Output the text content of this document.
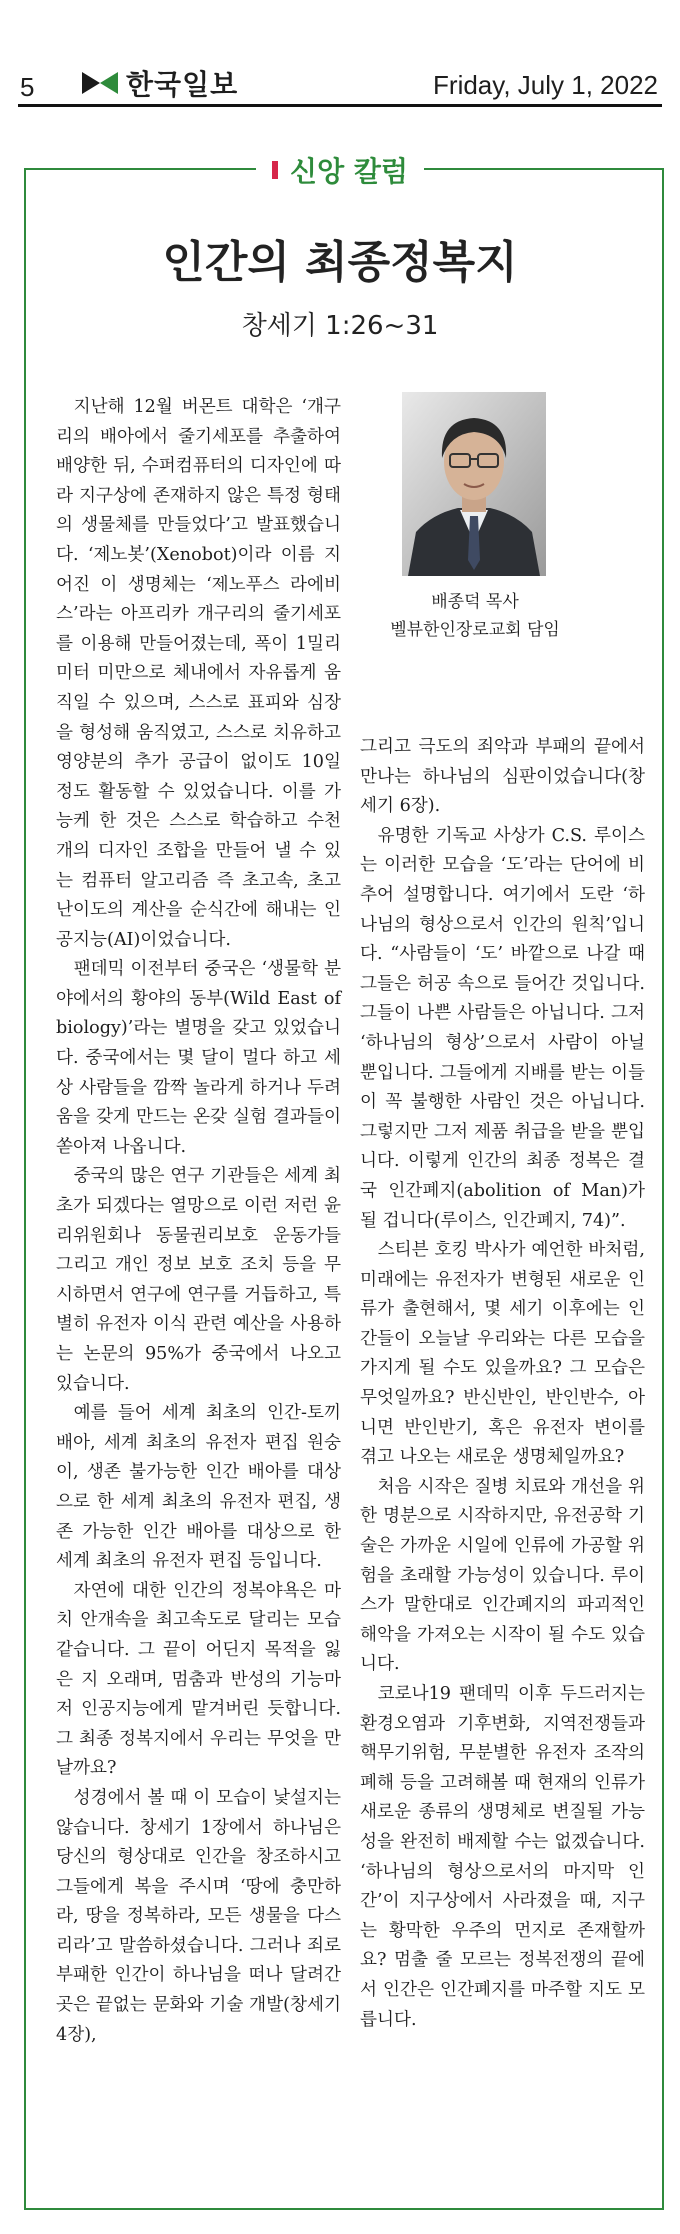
5	한국일보	Friday, July 1, 2022
신앙 칼럼
인간의 최종정복지
창세기 1:26~31
배종덕 목사
벨뷰한인장로교회 담임

지난해 12월 버몬트 대학은 ‘개구리의 배아에서 줄기세포를 추출하여 배양한 뒤, 수퍼컴퓨터의 디자인에 따라 지구상에 존재하지 않은 특정 형태의 생물체를 만들었다’고 발표했습니다. ‘제노봇’(Xenobot)이라 이름 지어진 이 생명체는 ‘제노푸스 라에비스’라는 아프리카 개구리의 줄기세포를 이용해 만들어졌는데, 폭이 1밀리미터 미만으로 체내에서 자유롭게 움직일 수 있으며, 스스로 표피와 심장을 형성해 움직였고, 스스로 치유하고 영양분의 추가 공급이 없이도 10일 정도 활동할 수 있었습니다. 이를 가능케 한 것은 스스로 학습하고 수천 개의 디자인 조합을 만들어 낼 수 있는 컴퓨터 알고리즘 즉 초고속, 초고난이도의 계산을 순식간에 해내는 인공지능(AI)이었습니다.

팬데믹 이전부터 중국은 ‘생물학 분야에서의 황야의 동부(Wild East of biology)’라는 별명을 갖고 있었습니다. 중국에서는 몇 달이 멀다 하고 세상 사람들을 깜짝 놀라게 하거나 두려움을 갖게 만드는 온갖 실험 결과들이 쏟아져 나옵니다.

중국의 많은 연구 기관들은 세계 최초가 되겠다는 열망으로 이런 저런 윤리위원회나 동물권리보호 운동가들 그리고 개인 정보 보호 조치 등을 무시하면서 연구에 연구를 거듭하고, 특별히 유전자 이식 관련 예산을 사용하는 논문의 95%가 중국에서 나오고 있습니다.

예를 들어 세계 최초의 인간-토끼 배아, 세계 최초의 유전자 편집 원숭이, 생존 불가능한 인간 배아를 대상으로 한 세계 최초의 유전자 편집, 생존 가능한 인간 배아를 대상으로 한 세계 최초의 유전자 편집 등입니다.

자연에 대한 인간의 정복야욕은 마치 안개속을 최고속도로 달리는 모습 같습니다. 그 끝이 어딘지 목적을 잃은 지 오래며, 멈춤과 반성의 기능마저 인공지능에게 맡겨버린 듯합니다. 그 최종 정복지에서 우리는 무엇을 만날까요?

성경에서 볼 때 이 모습이 낯설지는 않습니다. 창세기 1장에서 하나님은 당신의 형상대로 인간을 창조하시고 그들에게 복을 주시며 ‘땅에 충만하라, 땅을 정복하라, 모든 생물을 다스리라’고 말씀하셨습니다. 그러나 죄로 부패한 인간이 하나님을 떠나 달려간 곳은 끝없는 문화와 기술 개발(창세기 4장),

그리고 극도의 죄악과 부패의 끝에서 만나는 하나님의 심판이었습니다(창세기 6장).

유명한 기독교 사상가 C.S. 루이스는 이러한 모습을 ‘도’라는 단어에 비추어 설명합니다. 여기에서 도란 ‘하나님의 형상으로서 인간의 원칙’입니다. “사람들이 ‘도’ 바깥으로 나갈 때 그들은 허공 속으로 들어간 것입니다. 그들이 나쁜 사람들은 아닙니다. 그저 ‘하나님의 형상’으로서 사람이 아닐 뿐입니다. 그들에게 지배를 받는 이들이 꼭 불행한 사람인 것은 아닙니다. 그렇지만 그저 제품 취급을 받을 뿐입니다. 이렇게 인간의 최종 정복은 결국 인간폐지(abolition of Man)가 될 겁니다(루이스, 인간폐지, 74)”.

스티븐 호킹 박사가 예언한 바처럼, 미래에는 유전자가 변형된 새로운 인류가 출현해서, 몇 세기 이후에는 인간들이 오늘날 우리와는 다른 모습을 가지게 될 수도 있을까요? 그 모습은 무엇일까요? 반신반인, 반인반수, 아니면 반인반기, 혹은 유전자 변이를 겪고 나오는 새로운 생명체일까요?

처음 시작은 질병 치료와 개선을 위한 명분으로 시작하지만, 유전공학 기술은 가까운 시일에 인류에 가공할 위험을 초래할 가능성이 있습니다. 루이스가 말한대로 인간폐지의 파괴적인 해악을 가져오는 시작이 될 수도 있습니다.

코로나19 팬데믹 이후 두드러지는 환경오염과 기후변화, 지역전쟁들과 핵무기위험, 무분별한 유전자 조작의 폐해 등을 고려해볼 때 현재의 인류가 새로운 종류의 생명체로 변질될 가능성을 완전히 배제할 수는 없겠습니다. ‘하나님의 형상으로서의 마지막 인간’이 지구상에서 사라졌을 때, 지구는 황막한 우주의 먼지로 존재할까요? 멈출 줄 모르는 정복전쟁의 끝에서 인간은 인간폐지를 마주할 지도 모릅니다.
